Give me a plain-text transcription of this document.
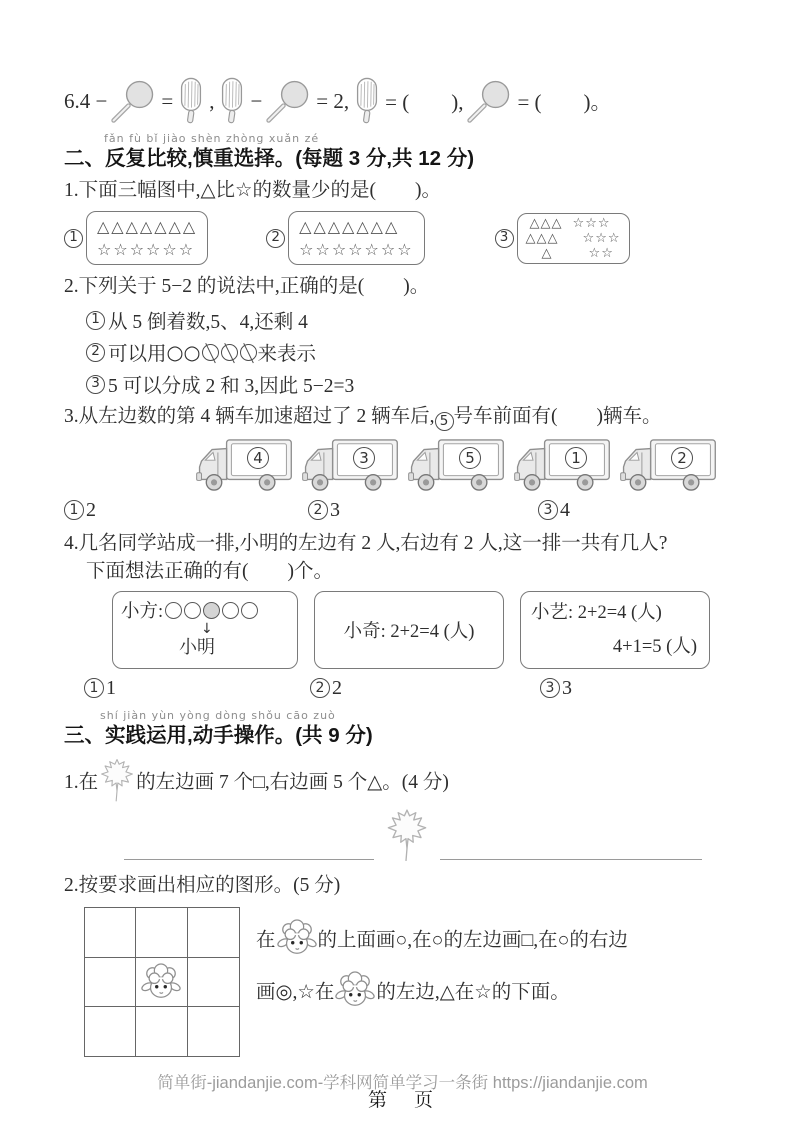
6.4 −	= , −	= 2, = (　　),	= (　　)。
fǎn fù bǐ jiào shèn zhòng xuǎn zé
二、反复比较,慎重选择。(每题 3 分,共 12 分)
1.下面三幅图中,△比☆的数量少的是(　　)。
1
△△△△△△△
☆☆☆☆☆☆
2
△△△△△△△
☆☆☆☆☆☆☆
3
△△△
△△△
△
☆☆☆
☆☆☆
☆☆
2.下列关于 5−2 的说法中,正确的是(　　)。
1 从 5 倒着数,5、4,还剩 4
2 可以用 ○○	来表示
3 5 可以分成 2 和 3,因此 5−2=3
3.从左边数的第 4 辆车加速超过了 2 辆车后, 5 号车前面有(　　)辆车。
4	3	5	1	2
1 2	2 3	3 4
4.几名同学站成一排,小明的左边有 2 人,右边有 2 人,这一排一共有几人?
下面想法正确的有(　　)个。
小方:
↓
小明
小奇: 2+2=4 (人)
小艺: 2+2=4 (人)
4+1=5 (人)
1 1	2 2	3 3
shí jiàn yùn yòng dòng shǒu cāo zuò
三、实践运用,动手操作。(共 9 分)
1.在 的左边画 7 个□,右边画 5 个△。(4 分)
2.按要求画出相应的图形。(5 分)
在 的上面画○,在○的左边画□,在○的右边
画◎,☆在 的左边,△在☆的下面。
简单街-jiandanjie.com-学科网简单学习一条街 https://jiandanjie.com
第　页
